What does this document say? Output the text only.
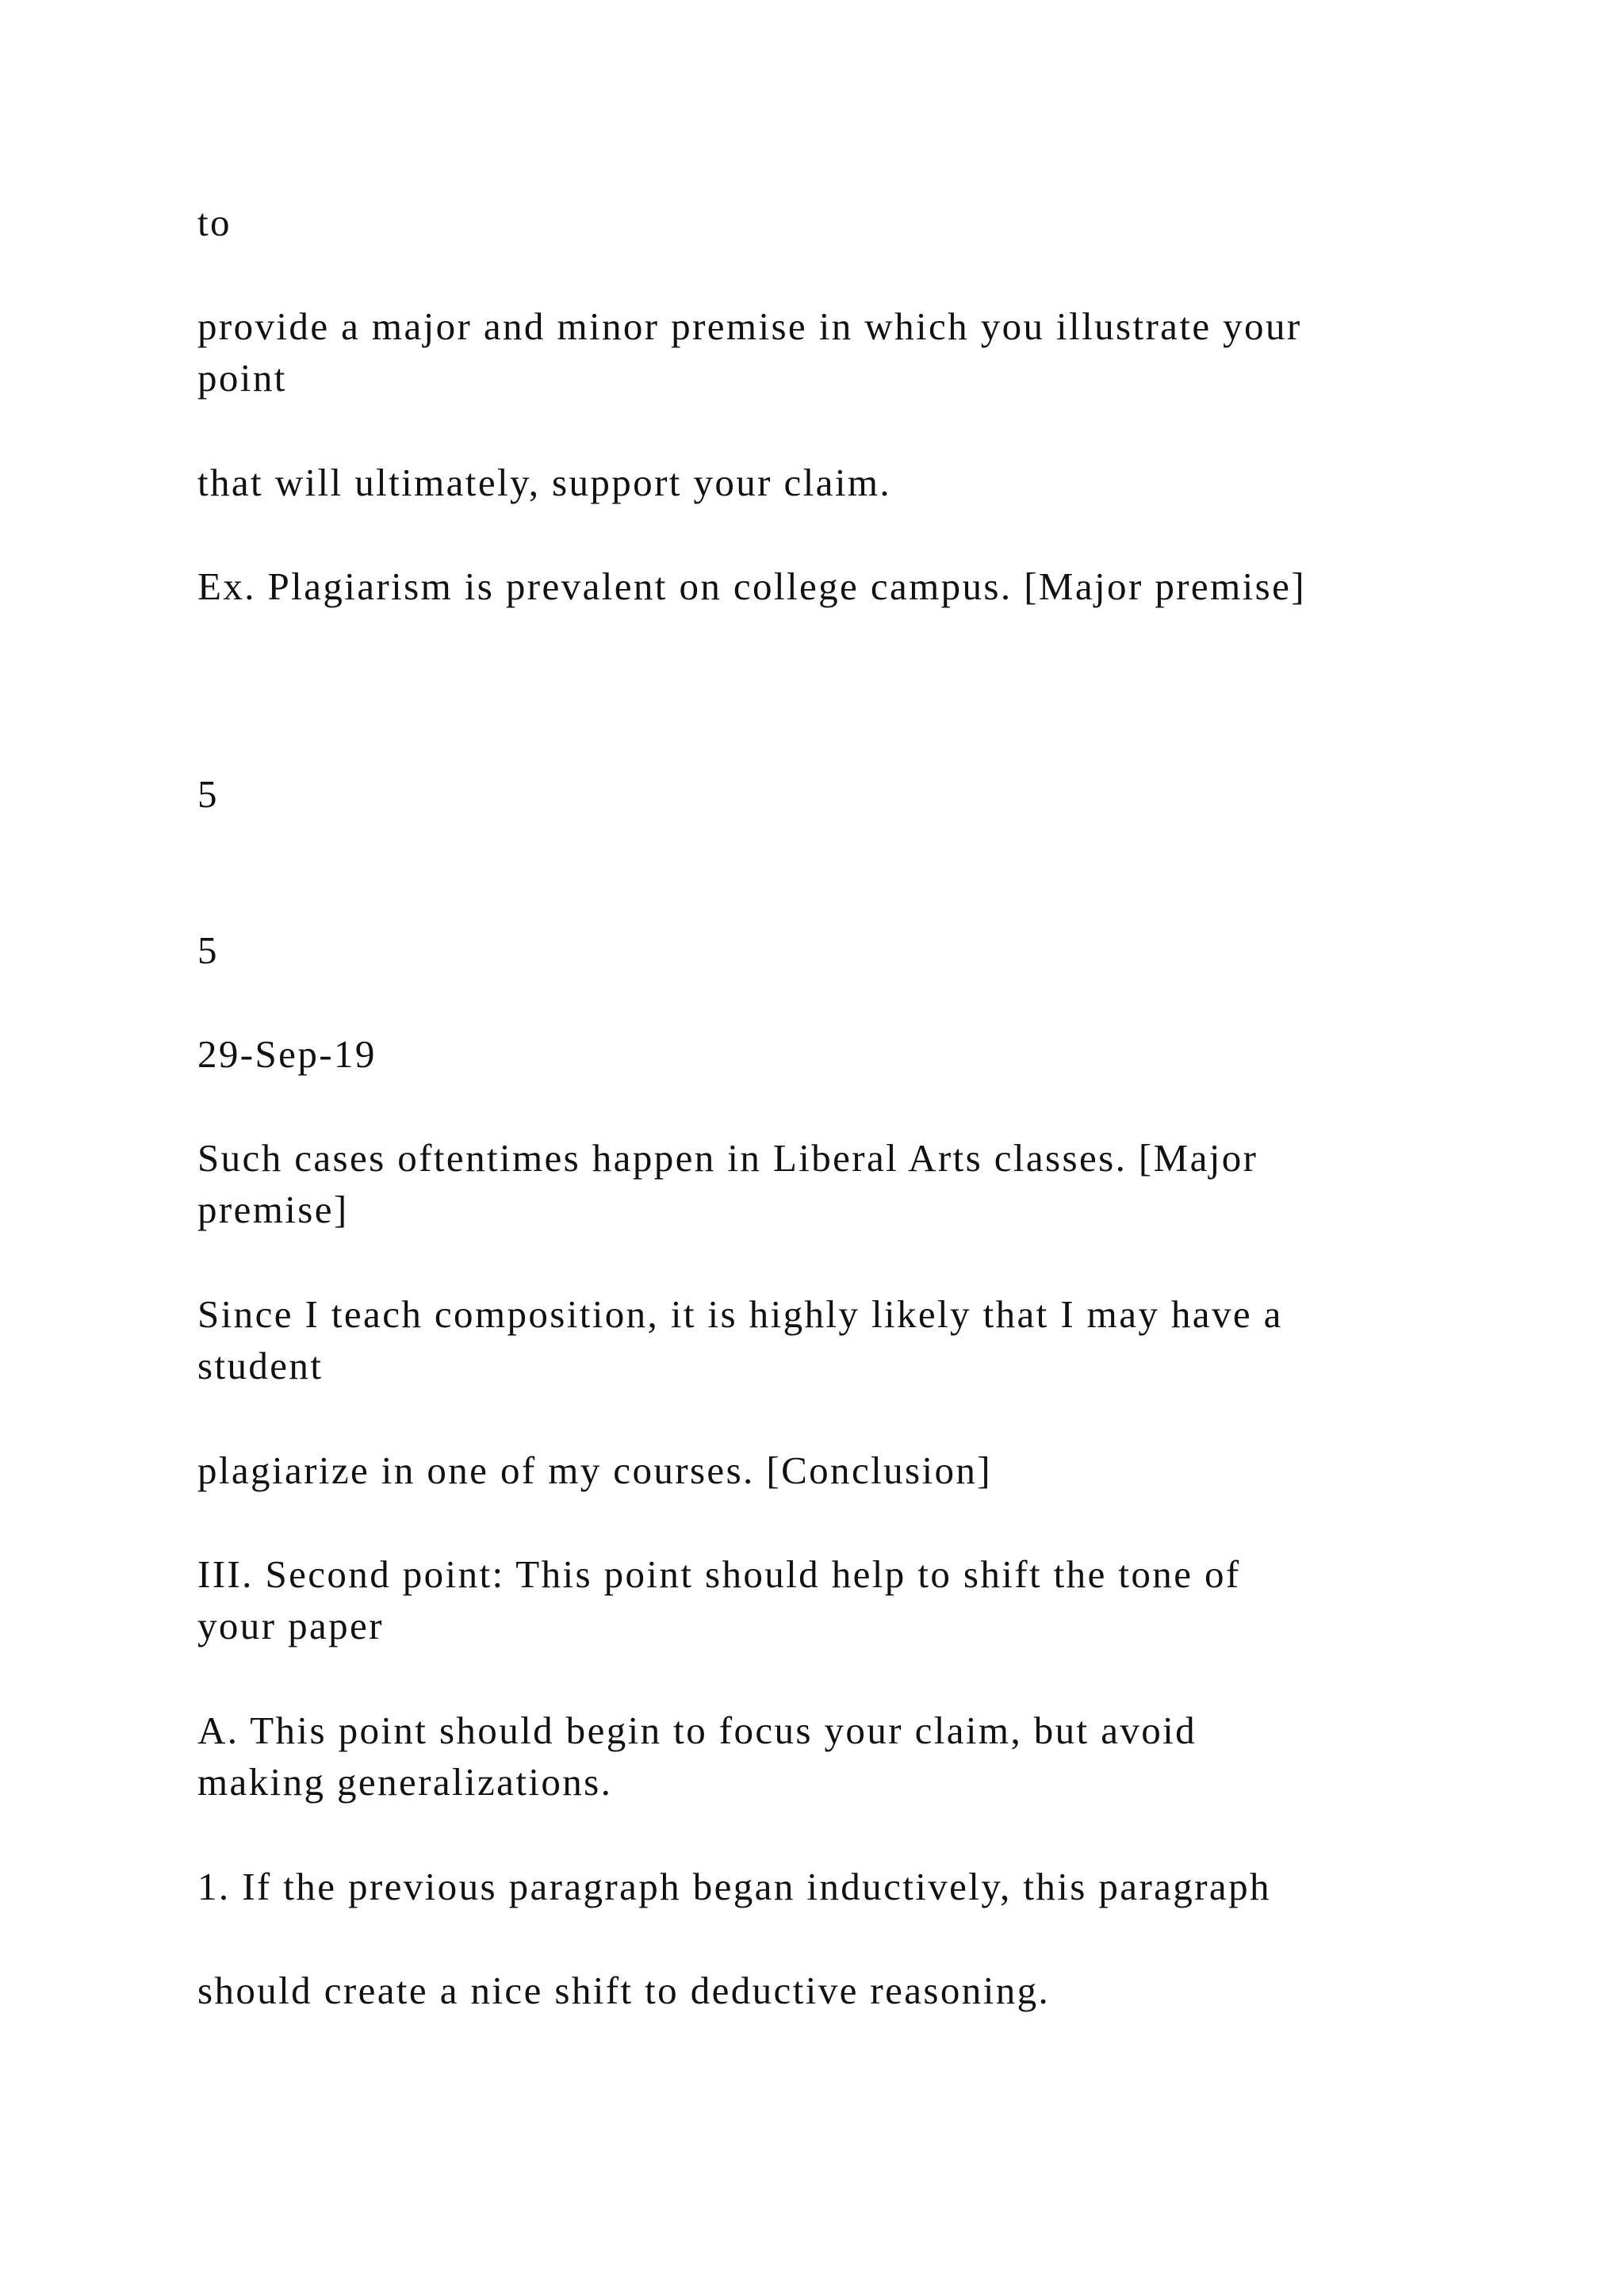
to

provide a major and minor premise in which you illustrate your
point

that will ultimately, support your claim.

Ex. Plagiarism is prevalent on college campus. [Major premise]

5

5

29-Sep-19

Such cases oftentimes happen in Liberal Arts classes. [Major
premise]

Since I teach composition, it is highly likely that I may have a
student

plagiarize in one of my courses. [Conclusion]

III. Second point: This point should help to shift the tone of
your paper

A. This point should begin to focus your claim, but avoid
making generalizations.

1. If the previous paragraph began inductively, this paragraph

should create a nice shift to deductive reasoning.
